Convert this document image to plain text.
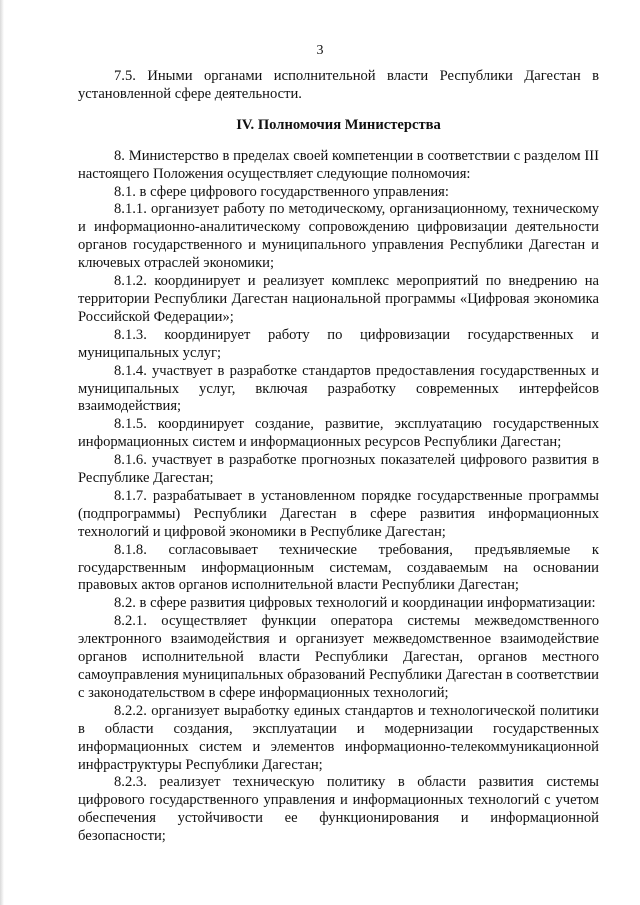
3

7.5. Иными органами исполнительной власти Республики Дагестан в установленной сфере деятельности.

IV. Полномочия Министерства

8. Министерство в пределах своей компетенции в соответствии с разделом III настоящего Положения осуществляет следующие полномочия:

8.1. в сфере цифрового государственного управления:

8.1.1. организует работу по методическому, организационному, техническому и информационно-аналитическому сопровождению цифровизации деятельности органов государственного и муниципального управления Республики Дагестан и ключевых отраслей экономики;

8.1.2. координирует и реализует комплекс мероприятий по внедрению на территории Республики Дагестан национальной программы «Цифровая экономика Российской Федерации»;

8.1.3. координирует работу по цифровизации государственных и муниципальных услуг;

8.1.4. участвует в разработке стандартов предоставления государственных и муниципальных услуг, включая разработку современных интерфейсов взаимодействия;

8.1.5. координирует создание, развитие, эксплуатацию государственных информационных систем и информационных ресурсов Республики Дагестан;

8.1.6. участвует в разработке прогнозных показателей цифрового развития в Республике Дагестан;

8.1.7. разрабатывает в установленном порядке государственные программы (подпрограммы) Республики Дагестан в сфере развития информационных технологий и цифровой экономики в Республике Дагестан;

8.1.8. согласовывает технические требования, предъявляемые к государственным информационным системам, создаваемым на основании правовых актов органов исполнительной власти Республики Дагестан;

8.2. в сфере развития цифровых технологий и координации информатизации:

8.2.1. осуществляет функции оператора системы межведомственного электронного взаимодействия и организует межведомственное взаимодействие органов исполнительной власти Республики Дагестан, органов местного самоуправления муниципальных образований Республики Дагестан в соответствии с законодательством в сфере информационных технологий;

8.2.2. организует выработку единых стандартов и технологической политики в области создания, эксплуатации и модернизации государственных информационных систем и элементов информационно-телекоммуникационной инфраструктуры Республики Дагестан;

8.2.3. реализует техническую политику в области развития системы цифрового государственного управления и информационных технологий с учетом обеспечения устойчивости ее функционирования и информационной безопасности;
